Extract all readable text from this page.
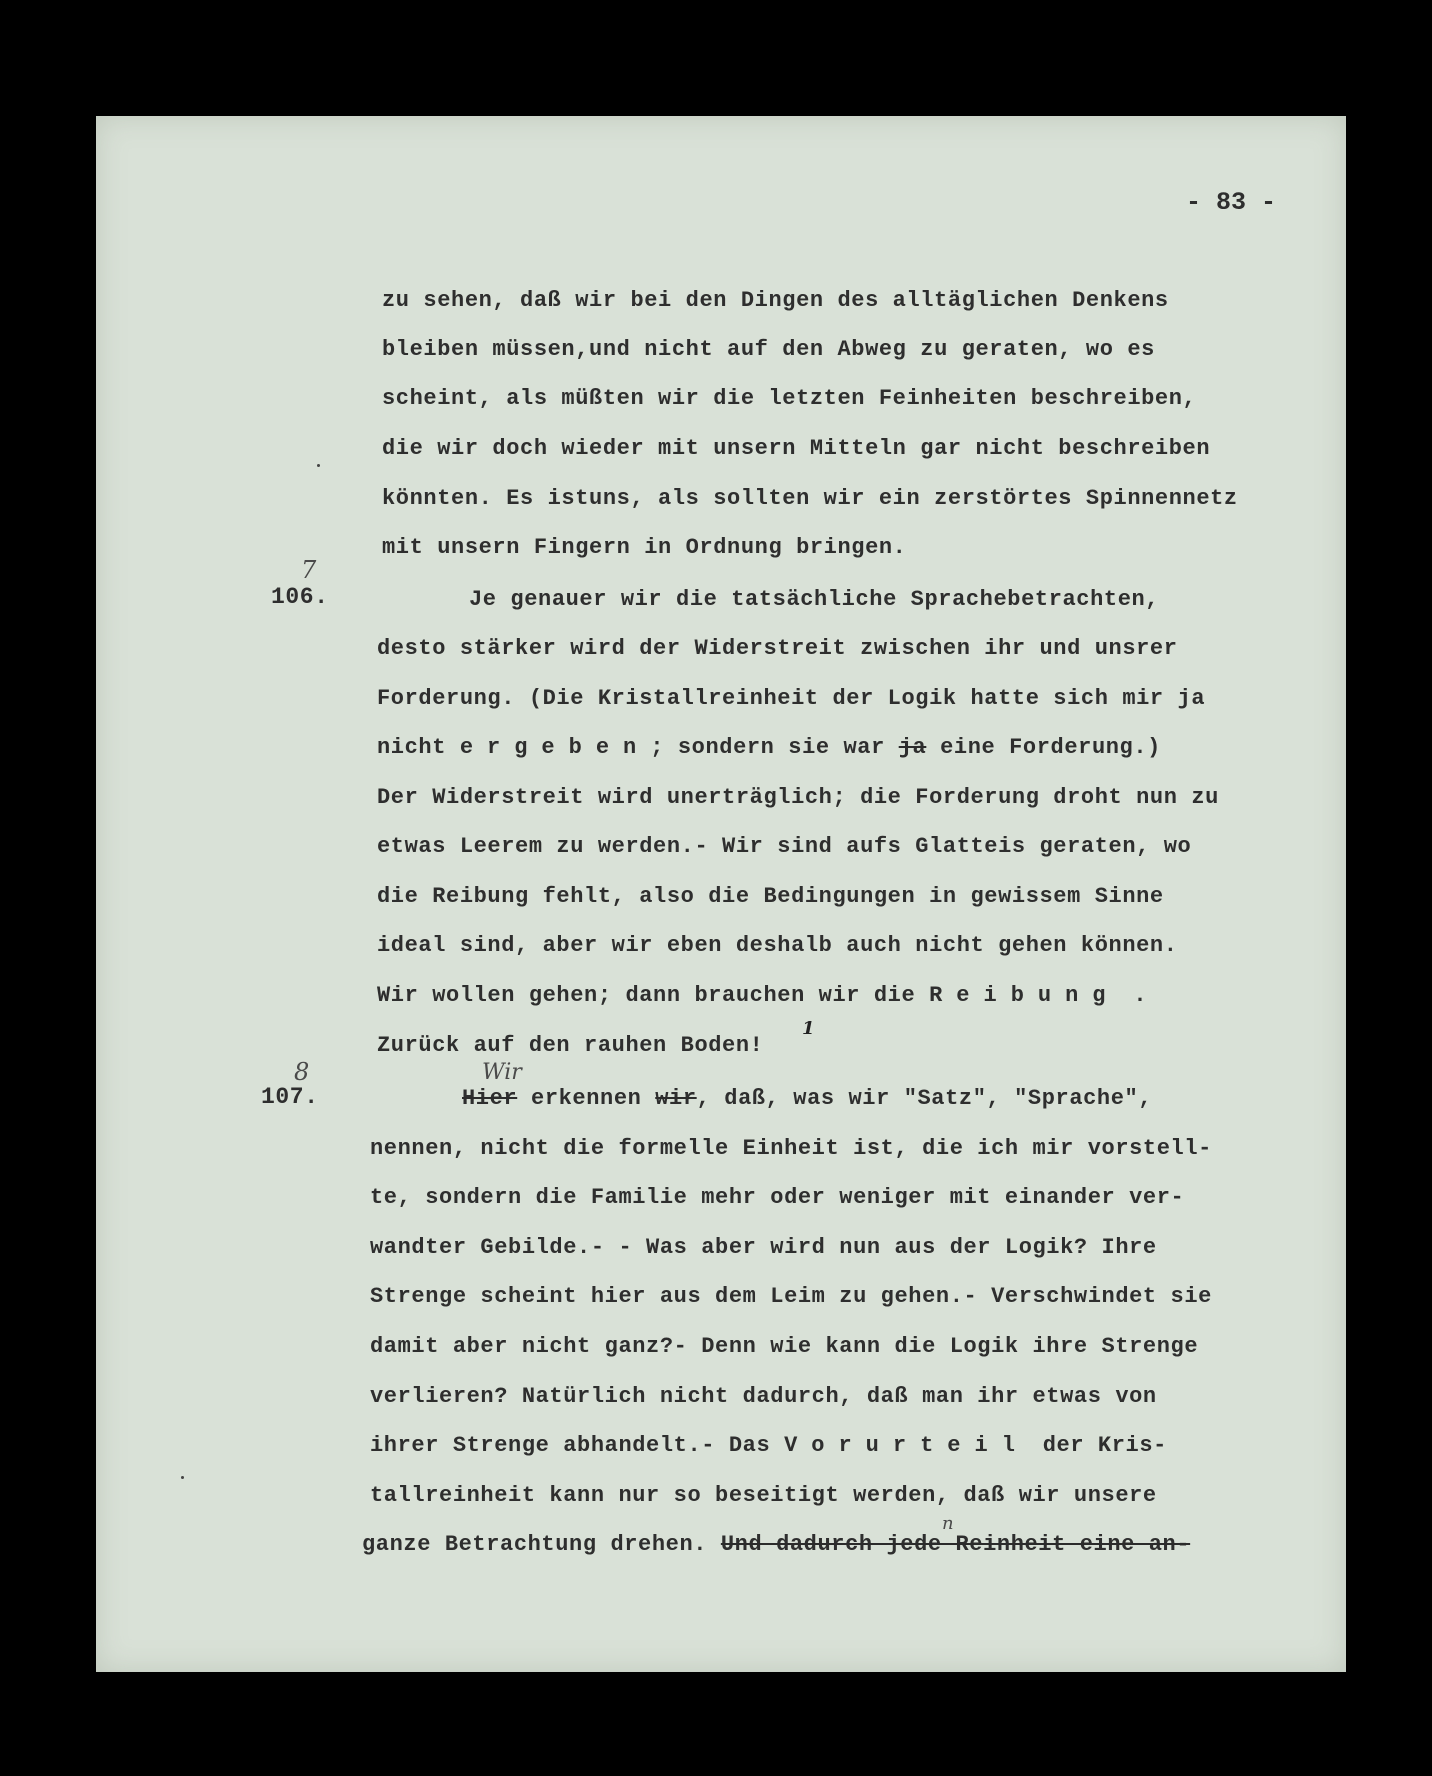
- 83 -
zu sehen, daß wir bei den Dingen des alltäglichen Denkens
bleiben müssen,und nicht auf den Abweg zu geraten, wo es
scheint, als müßten wir die letzten Feinheiten beschreiben,
die wir doch wieder mit unsern Mitteln gar nicht beschreiben
könnten. Es istuns, als sollten wir ein zerstörtes Spinnennetz
mit unsern Fingern in Ordnung bringen.
7
106.	Je genauer wir die tatsächliche Sprachebetrachten,
desto stärker wird der Widerstreit zwischen ihr und unsrer
Forderung. (Die Kristallreinheit der Logik hatte sich mir ja
nicht ergeben; sondern sie war ja eine Forderung.)
Der Widerstreit wird unerträglich; die Forderung droht nun zu
etwas Leerem zu werden.- Wir sind aufs Glatteis geraten, wo
die Reibung fehlt, also die Bedingungen in gewissem Sinne
ideal sind, aber wir eben deshalb auch nicht gehen können.
Wir wollen gehen; dann brauchen wir die Reibung .
Zurück auf den rauhen Boden!
1
8
107.
Wir
Hier erkennen wir, daß, was wir "Satz", "Sprache",
nennen, nicht die formelle Einheit ist, die ich mir vorstell-
te, sondern die Familie mehr oder weniger mit einander ver-
wandter Gebilde.- - Was aber wird nun aus der Logik? Ihre
Strenge scheint hier aus dem Leim zu gehen.- Verschwindet sie
damit aber nicht ganz?- Denn wie kann die Logik ihre Strenge
verlieren? Natürlich nicht dadurch, daß man ihr etwas von
ihrer Strenge abhandelt.- Das Vorurteil der Kris-
tallreinheit kann nur so beseitigt werden, daß wir unsere
ganze Betrachtung drehen. Und dadurch jede Reinheit eine an-
n
